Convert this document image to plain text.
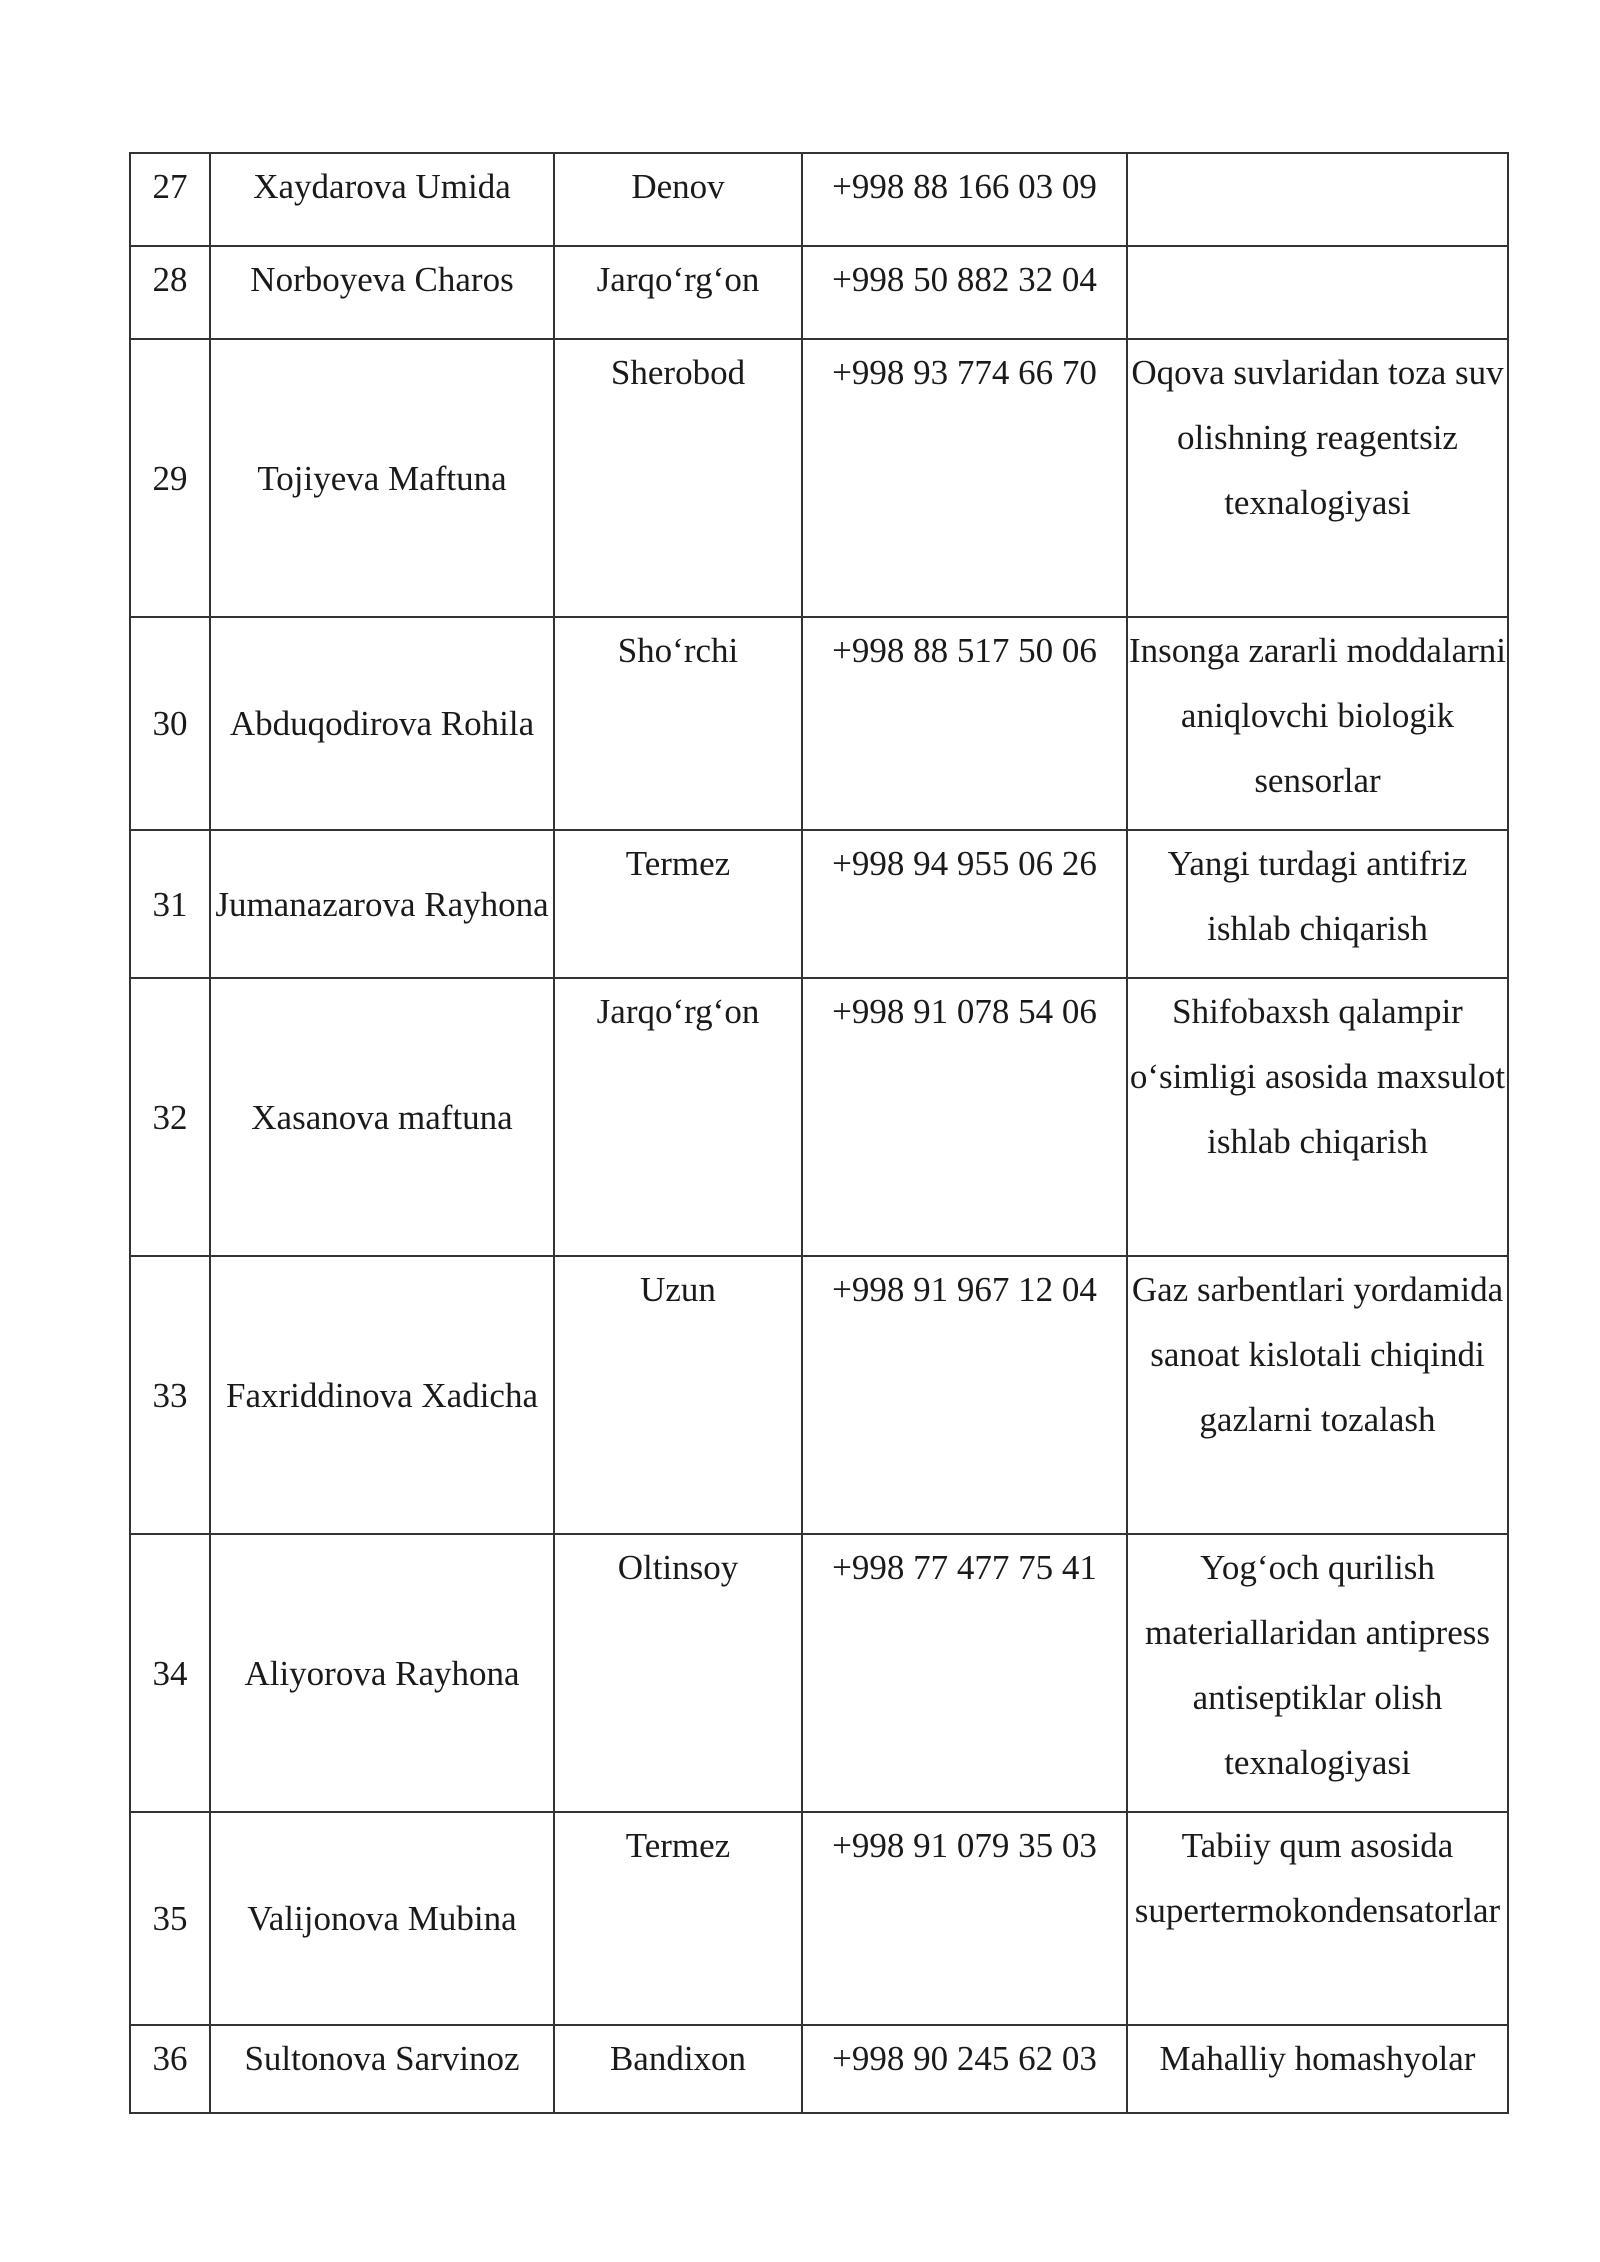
27	Xaydarova Umida	Denov	+998 88 166 03 09	
28	Norboyeva Charos	Jarqo‘rg‘on	+998 50 882 32 04	
29	Tojiyeva Maftuna	Sherobod	+998 93 774 66 70	Oqova suvlaridan toza suv olishning reagentsiz texnalogiyasi
30	Abduqodirova Rohila	Sho‘rchi	+998 88 517 50 06	Insonga zararli moddalarni aniqlovchi biologik sensorlar
31	Jumanazarova Rayhona	Termez	+998 94 955 06 26	Yangi turdagi antifriz ishlab chiqarish
32	Xasanova maftuna	Jarqo‘rg‘on	+998 91 078 54 06	Shifobaxsh qalampir o‘simligi asosida maxsulot ishlab chiqarish
33	Faxriddinova Xadicha	Uzun	+998 91 967 12 04	Gaz sarbentlari yordamida sanoat kislotali chiqindi gazlarni tozalash
34	Aliyorova Rayhona	Oltinsoy	+998 77 477 75 41	Yog‘och qurilish materiallaridan antipress antiseptiklar olish texnalogiyasi
35	Valijonova Mubina	Termez	+998 91 079 35 03	Tabiiy qum asosida supertermokondensatorlar
36	Sultonova Sarvinoz	Bandixon	+998 90 245 62 03	Mahalliy homashyolar
